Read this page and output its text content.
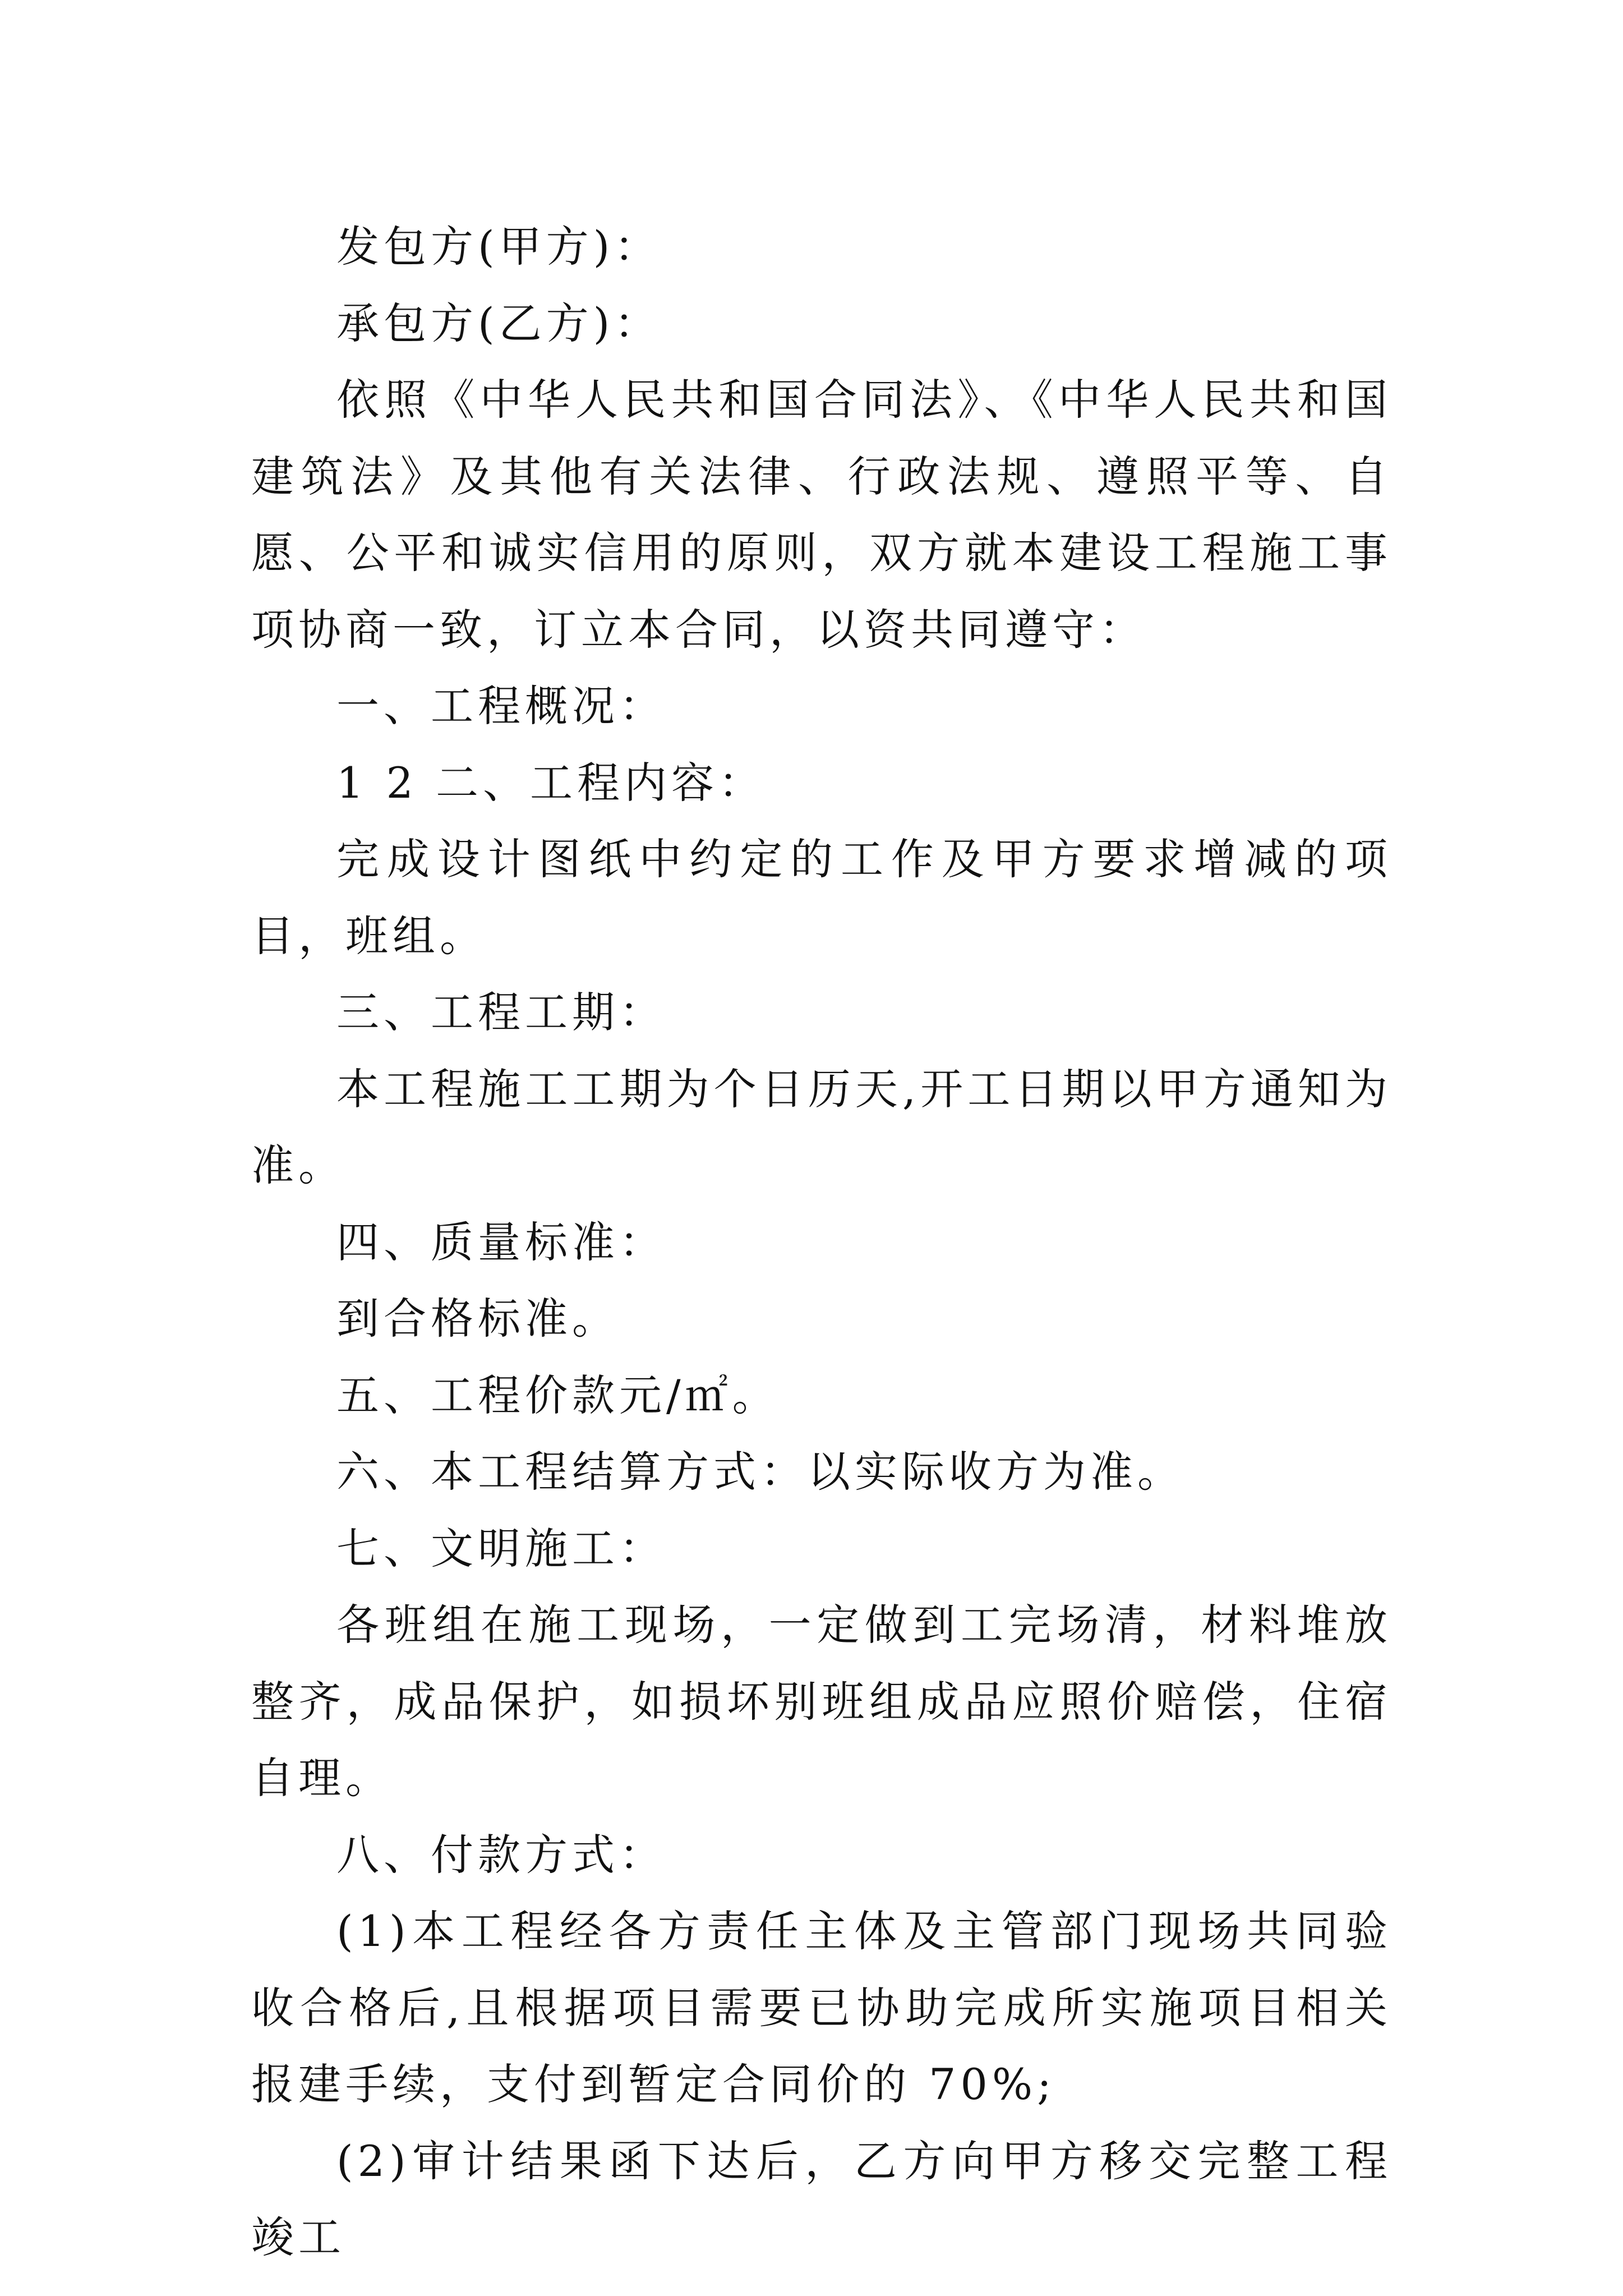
发包方(甲方)：

承包方(乙方)：

依照《中华人民共和国合同法》、《中华人民共和国建筑法》及其他有关法律、行政法规、遵照平等、自愿、公平和诚实信用的原则，双方就本建设工程施工事项协商一致，订立本合同，以资共同遵守：

一、工程概况：

1 2 二、工程内容：

完成设计图纸中约定的工作及甲方要求增减的项目，班组。

三、工程工期：

本工程施工工期为个日历天,开工日期以甲方通知为准。

四、质量标准：

到合格标准。

五、工程价款元/㎡。

六、本工程结算方式：以实际收方为准。

七、文明施工：

各班组在施工现场，一定做到工完场清，材料堆放整齐，成品保护，如损坏别班组成品应照价赔偿，住宿自理。

八、付款方式：

(1)本工程经各方责任主体及主管部门现场共同验收合格后,且根据项目需要已协助完成所实施项目相关报建手续，支付到暂定合同价的 70%;

(2)审计结果函下达后，乙方向甲方移交完整工程竣工
